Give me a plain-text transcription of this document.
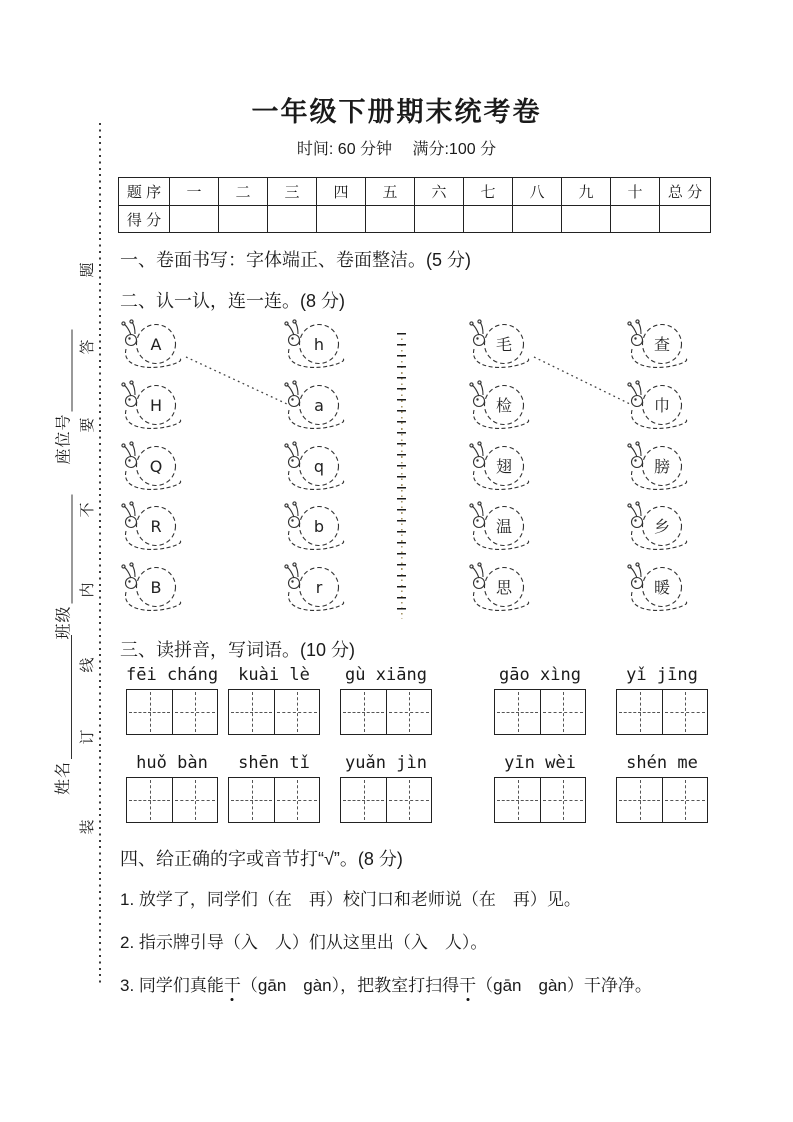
题
答
要
不
内
线
订
装
座位号
班级
姓名
一年级下册期末统考卷
时间: 60 分钟　 满分:100 分
题 序	一	二	三	四	五	六	七	八	九	十	总 分
得 分											
一、卷面书写：字体端正、卷面整洁。(5 分)
二、认一认，连一连。(8 分)
A
H
Q
R
B
h
a
q
b
r
毛
检
翅
温
思
查
巾
膀
乡
暖
三、读拼音，写词语。(10 分)
fēi cháng	kuài lè	gù xiāng	gāo xìng	yǐ jīng
huǒ bàn	shēn tǐ	yuǎn jìn	yīn wèi	shén me
四、给正确的字或音节打“√”。(8 分)
1. 放学了，同学们（在　再）校门口和老师说（在　再）见。
2. 指示牌引导（入　人）们从这里出（入　人）。
3. 同学们真能干（gān　gàn），把教室打扫得干（gān　gàn）干净净。
